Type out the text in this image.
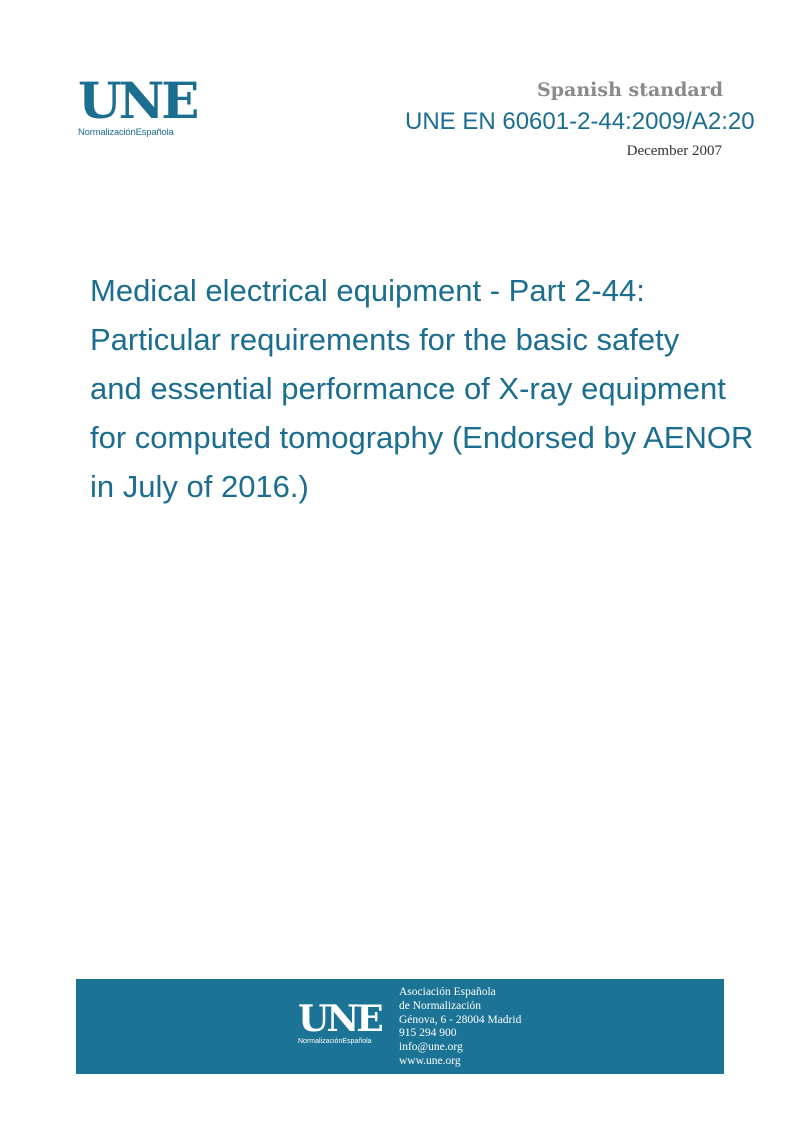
UNE
NormalizaciónEspañola
Spanish standard
UNE EN 60601-2-44:2009/A2:20
December 2007
Medical electrical equipment - Part 2-44:
Particular requirements for the basic safety
and essential performance of X-ray equipment
for computed tomography (Endorsed by AENOR
in July of 2016.)
UNE
NormalizaciónEspañola
Asociación Española
de Normalización
Génova, 6 - 28004 Madrid
915 294 900
info@une.org
www.une.org
